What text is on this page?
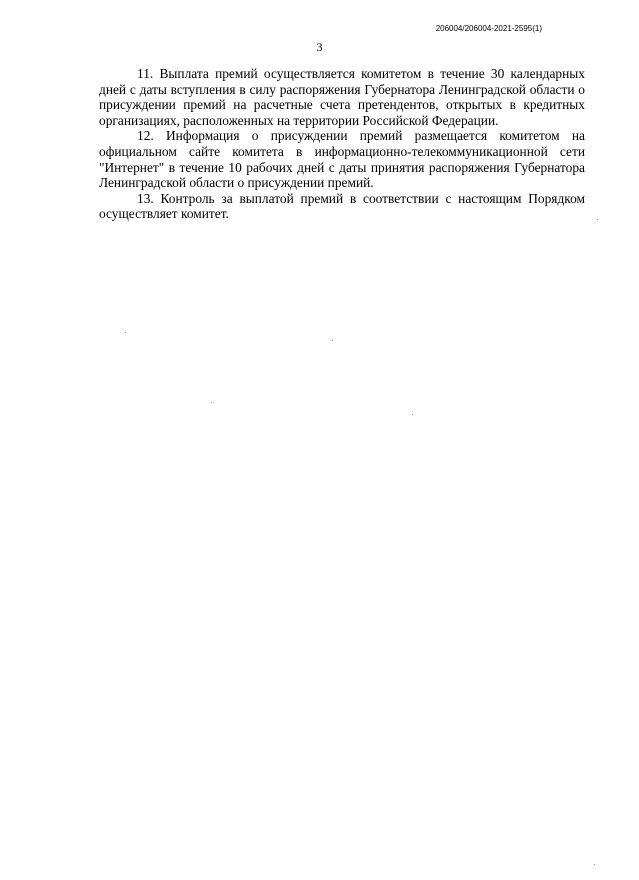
206004/206004-2021-2595(1)
3

11. Выплата премий осуществляется комитетом в течение 30 календарных дней с даты вступления в силу распоряжения Губернатора Ленинградской области о присуждении премий на расчетные счета претендентов, открытых в кредитных организациях, расположенных на территории Российской Федерации.

12. Информация о присуждении премий размещается комитетом на официальном сайте комитета в информационно-телекоммуникационной сети "Интернет" в течение 10 рабочих дней с даты принятия распоряжения Губернатора Ленинградской области о присуждении премий.

13. Контроль за выплатой премий в соответствии с настоящим Порядком осуществляет комитет.
